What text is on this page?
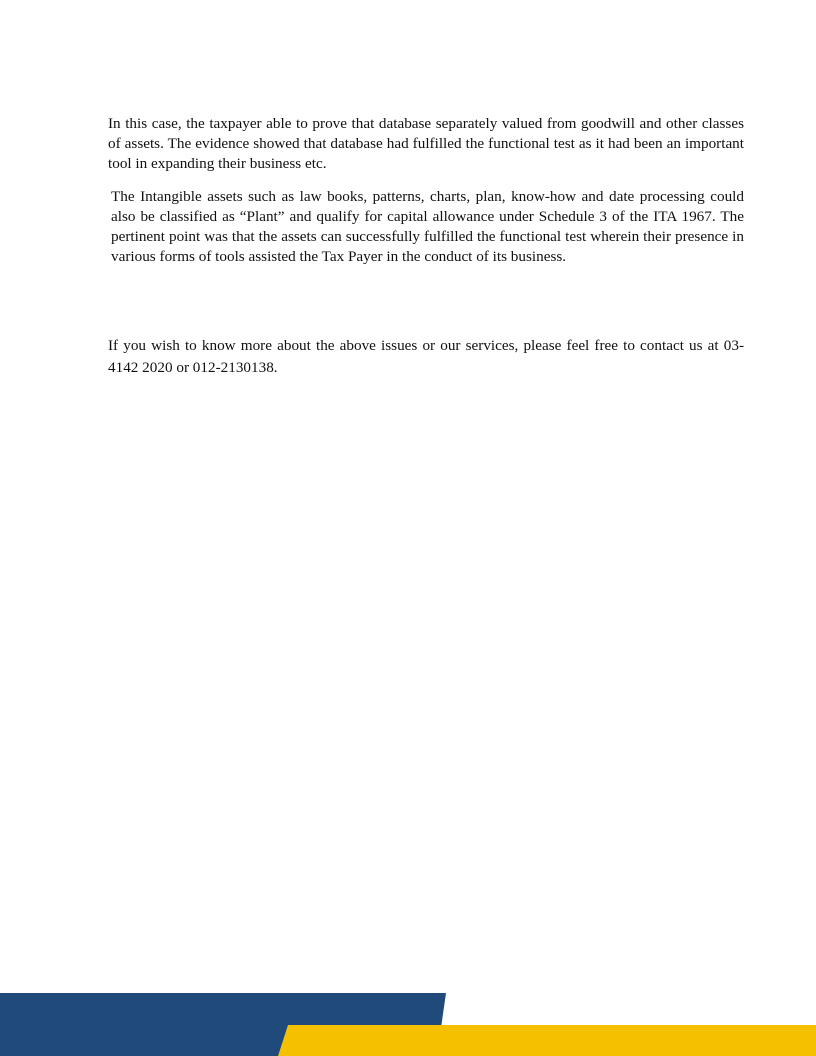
In this case, the taxpayer able to prove that database separately valued from goodwill and other classes of assets. The evidence showed that database had fulfilled the functional test as it had been an important tool in expanding their business etc.

The Intangible assets such as law books, patterns, charts, plan, know-how and date processing could also be classified as “Plant” and qualify for capital allowance under Schedule 3 of the ITA 1967. The pertinent point was that the assets can successfully fulfilled the functional test wherein their presence in various forms of tools assisted the Tax Payer in the conduct of its business.

If you wish to know more about the above issues or our services, please feel free to contact us at 03-4142 2020 or 012-2130138.
